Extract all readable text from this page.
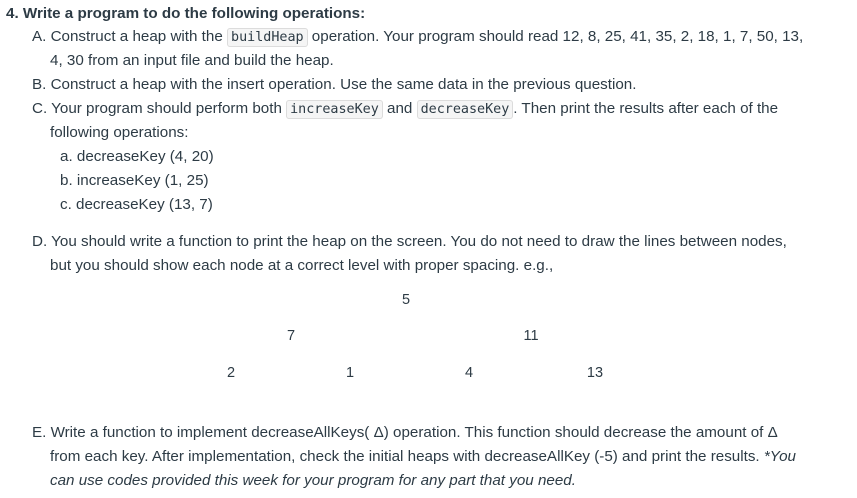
4. Write a program to do the following operations:
A. Construct a heap with the buildHeap operation. Your program should read 12, 8, 25, 41, 35, 2, 18, 1, 7, 50, 13,
4, 30 from an input file and build the heap.
B. Construct a heap with the insert operation. Use the same data in the previous question.
C. Your program should perform both increaseKey and decreaseKey . Then print the results after each of the
following operations:
a. decreaseKey (4, 20)
b. increaseKey (1, 25)
c. decreaseKey (13, 7)
D. You should write a function to print the heap on the screen. You do not need to draw the lines between nodes,
but you should show each node at a correct level with proper spacing. e.g.,
5
7	11
2	1	4	13
E. Write a function to implement decreaseAllKeys( Δ) operation. This function should decrease the amount of Δ
from each key. After implementation, check the initial heaps with decreaseAllKey (-5) and print the results. *You
can use codes provided this week for your program for any part that you need.
